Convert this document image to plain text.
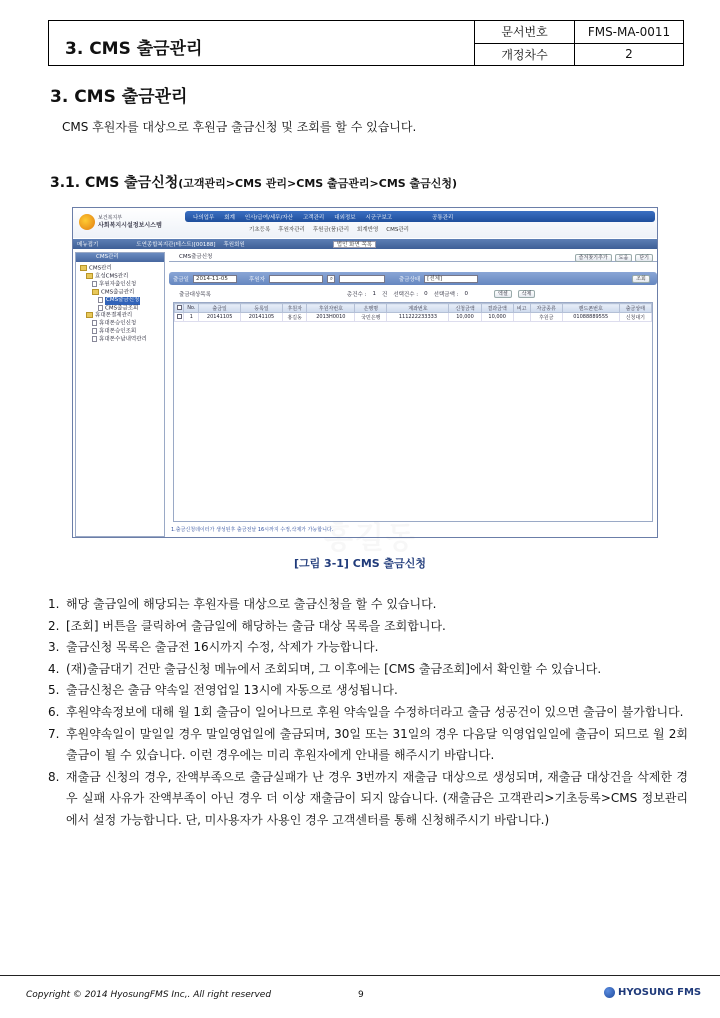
3. CMS 출금관리
문서번호	FMS-MA-0011
개정차수	2
3. CMS 출금관리
CMS 후원자를 대상으로 후원금 출금신청 및 조회를 할 수 있습니다.
3.1. CMS 출금신청(고객관리>CMS 관리>CMS 출금관리>CMS 출금신청)
보건복지부
사회복지시설정보시스템
나의업무 회계 인사/급여/세무/자산 고객관리 대외정보 시군구보고	공통관리
기초등록 후원자관리 후원금(품)관리 회계반영 CMS관리
메뉴접기	도연종합복지관(테스트)[00188] 후원회원	법인 화면 목록
CMS관리
CMS관리
효성CMS관리
후원자출인신청
CMS출금관리
CMS출금신청
CMS출금조회
휴대폰결제관리
휴대폰승인신청
휴대폰승인조회
휴대폰수납내역관리
CMS출금신청	즐겨찾기추가	도움	닫기
출금일	2014-11-05	후원자	⌕	출금상태	[전체]	조회
출금대상목록	총건수 : 1 건 선택건수 : 0 선택금액 : 0	엑셀	삭제
	No.	출금일	등록일	후원자	후원자번호	은행명	계좌번호	신청금액	결과금액	비고	자금종류	핸드폰번호	출금상태
	1	20141105	20141105	홍길동	2013H0010	국민은행	111222233333	10,000	10,000		후원금	01088889555	신청대기
홍길동
1.출금신청데이터가 생성된후 출금전날 16시까지 수정,삭제가 가능합니다.
[그림 3-1] CMS 출금신청
1. 해당 출금일에 해당되는 후원자를 대상으로 출금신청을 할 수 있습니다.
2. [조회] 버튼을 클릭하여 출금일에 해당하는 출금 대상 목록을 조회합니다.
3. 출금신청 목록은 출금전 16시까지 수정, 삭제가 가능합니다.
4. (재)출금대기 건만 출금신청 메뉴에서 조회되며, 그 이후에는 [CMS 출금조회]에서 확인할 수 있습니다.
5. 출금신청은 출금 약속일 전영업일 13시에 자동으로 생성됩니다.
6. 후원약속정보에 대해 월 1회 출금이 일어나므로 후원 약속일을 수정하더라고 출금 성공건이 있으면 출금이 불가합니다.
7. 후원약속일이 말일일 경우 말일영업일에 출금되며, 30일 또는 31일의 경우 다음달 익영업일일에 출금이 되므로 월 2회 출금이 될 수 있습니다. 이런 경우에는 미리 후원자에게 안내를 해주시기 바랍니다.
8. 재출금 신청의 경우, 잔액부족으로 출금실패가 난 경우 3번까지 재출금 대상으로 생성되며, 재출금 대상건을 삭제한 경우 실패 사유가 잔액부족이 아닌 경우 더 이상 재출금이 되지 않습니다. (재출금은 고객관리>기초등록>CMS 정보관리에서 설정 가능합니다. 단, 미사용자가 사용인 경우 고객센터를 통해 신청해주시기 바랍니다.)
Copyright © 2014 HyosungFMS Inc,. All right reserved	9	HYOSUNG FMS
